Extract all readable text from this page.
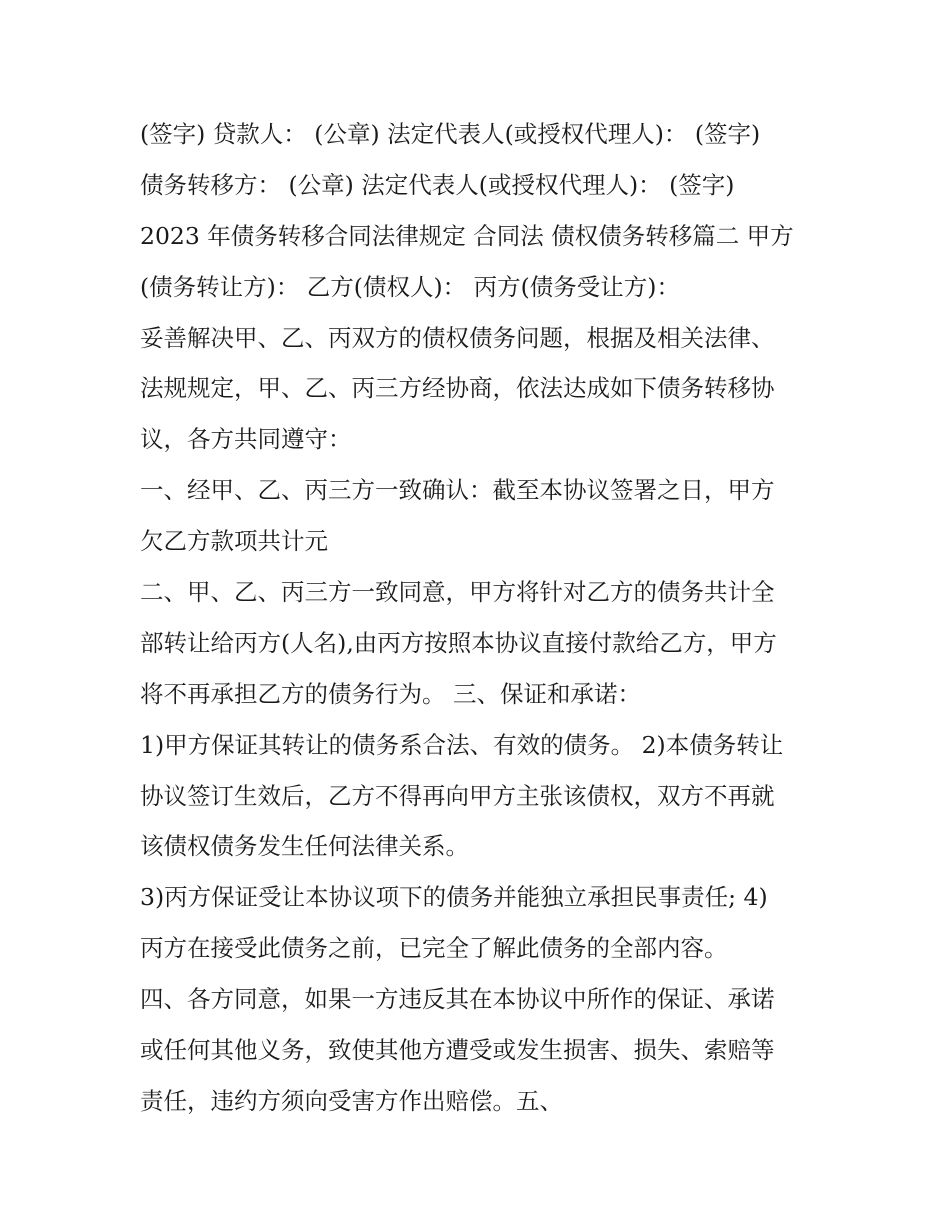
(签字) 贷款人： (公章) 法定代表人(或授权代理人)： (签字)
债务转移方： (公章) 法定代表人(或授权代理人)： (签字)
2023 年债务转移合同法律规定 合同法 债权债务转移篇二 甲方
(债务转让方)： 乙方(债权人)： 丙方(债务受让方)：
妥善解决甲、乙、丙双方的债权债务问题，根据及相关法律、
法规规定，甲、乙、丙三方经协商，依法达成如下债务转移协
议，各方共同遵守：
一、经甲、乙、丙三方一致确认：截至本协议签署之日，甲方
欠乙方款项共计元
二、甲、乙、丙三方一致同意，甲方将针对乙方的债务共计全
部转让给丙方(人名),由丙方按照本协议直接付款给乙方，甲方
将不再承担乙方的债务行为。 三、保证和承诺：
1)甲方保证其转让的债务系合法、有效的债务。 2)本债务转让
协议签订生效后，乙方不得再向甲方主张该债权，双方不再就
该债权债务发生任何法律关系。
3)丙方保证受让本协议项下的债务并能独立承担民事责任; 4)
丙方在接受此债务之前，已完全了解此债务的全部内容。
四、各方同意，如果一方违反其在本协议中所作的保证、承诺
或任何其他义务，致使其他方遭受或发生损害、损失、索赔等
责任，违约方须向受害方作出赔偿。五、
